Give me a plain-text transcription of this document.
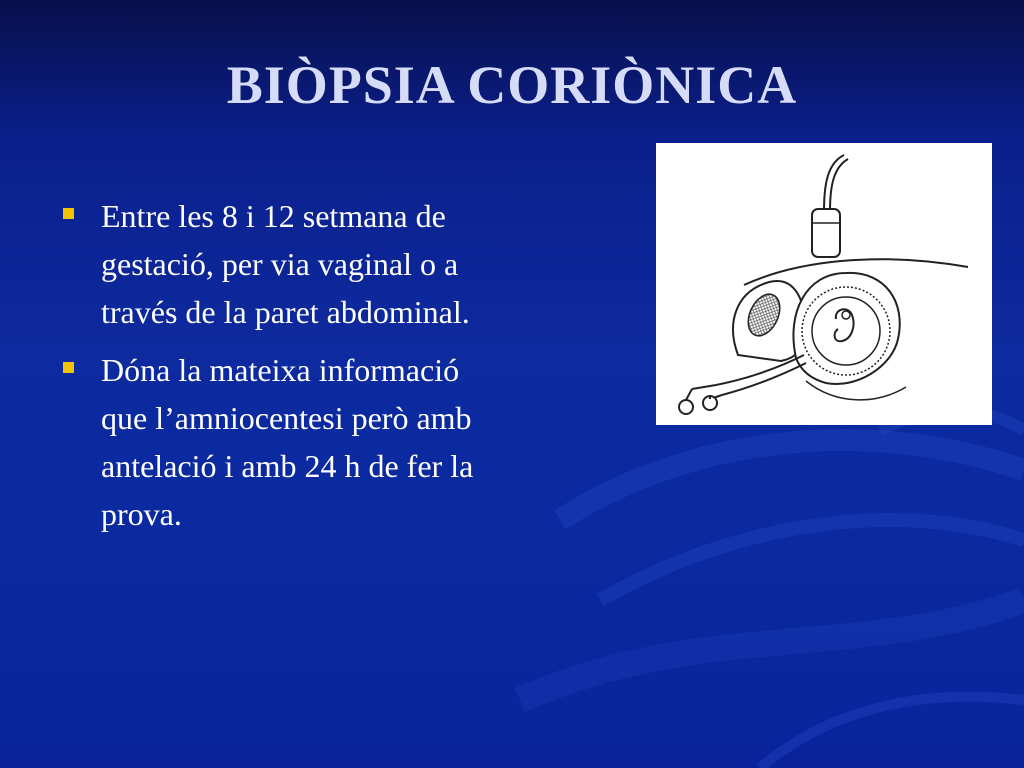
BIÒPSIA CORIÒNICA
Entre les 8 i 12 setmana de gestació, per via vaginal o a través de la paret abdominal.
Dóna la mateixa informació que l’amniocentesi però amb antelació i amb 24 h de fer la prova.
